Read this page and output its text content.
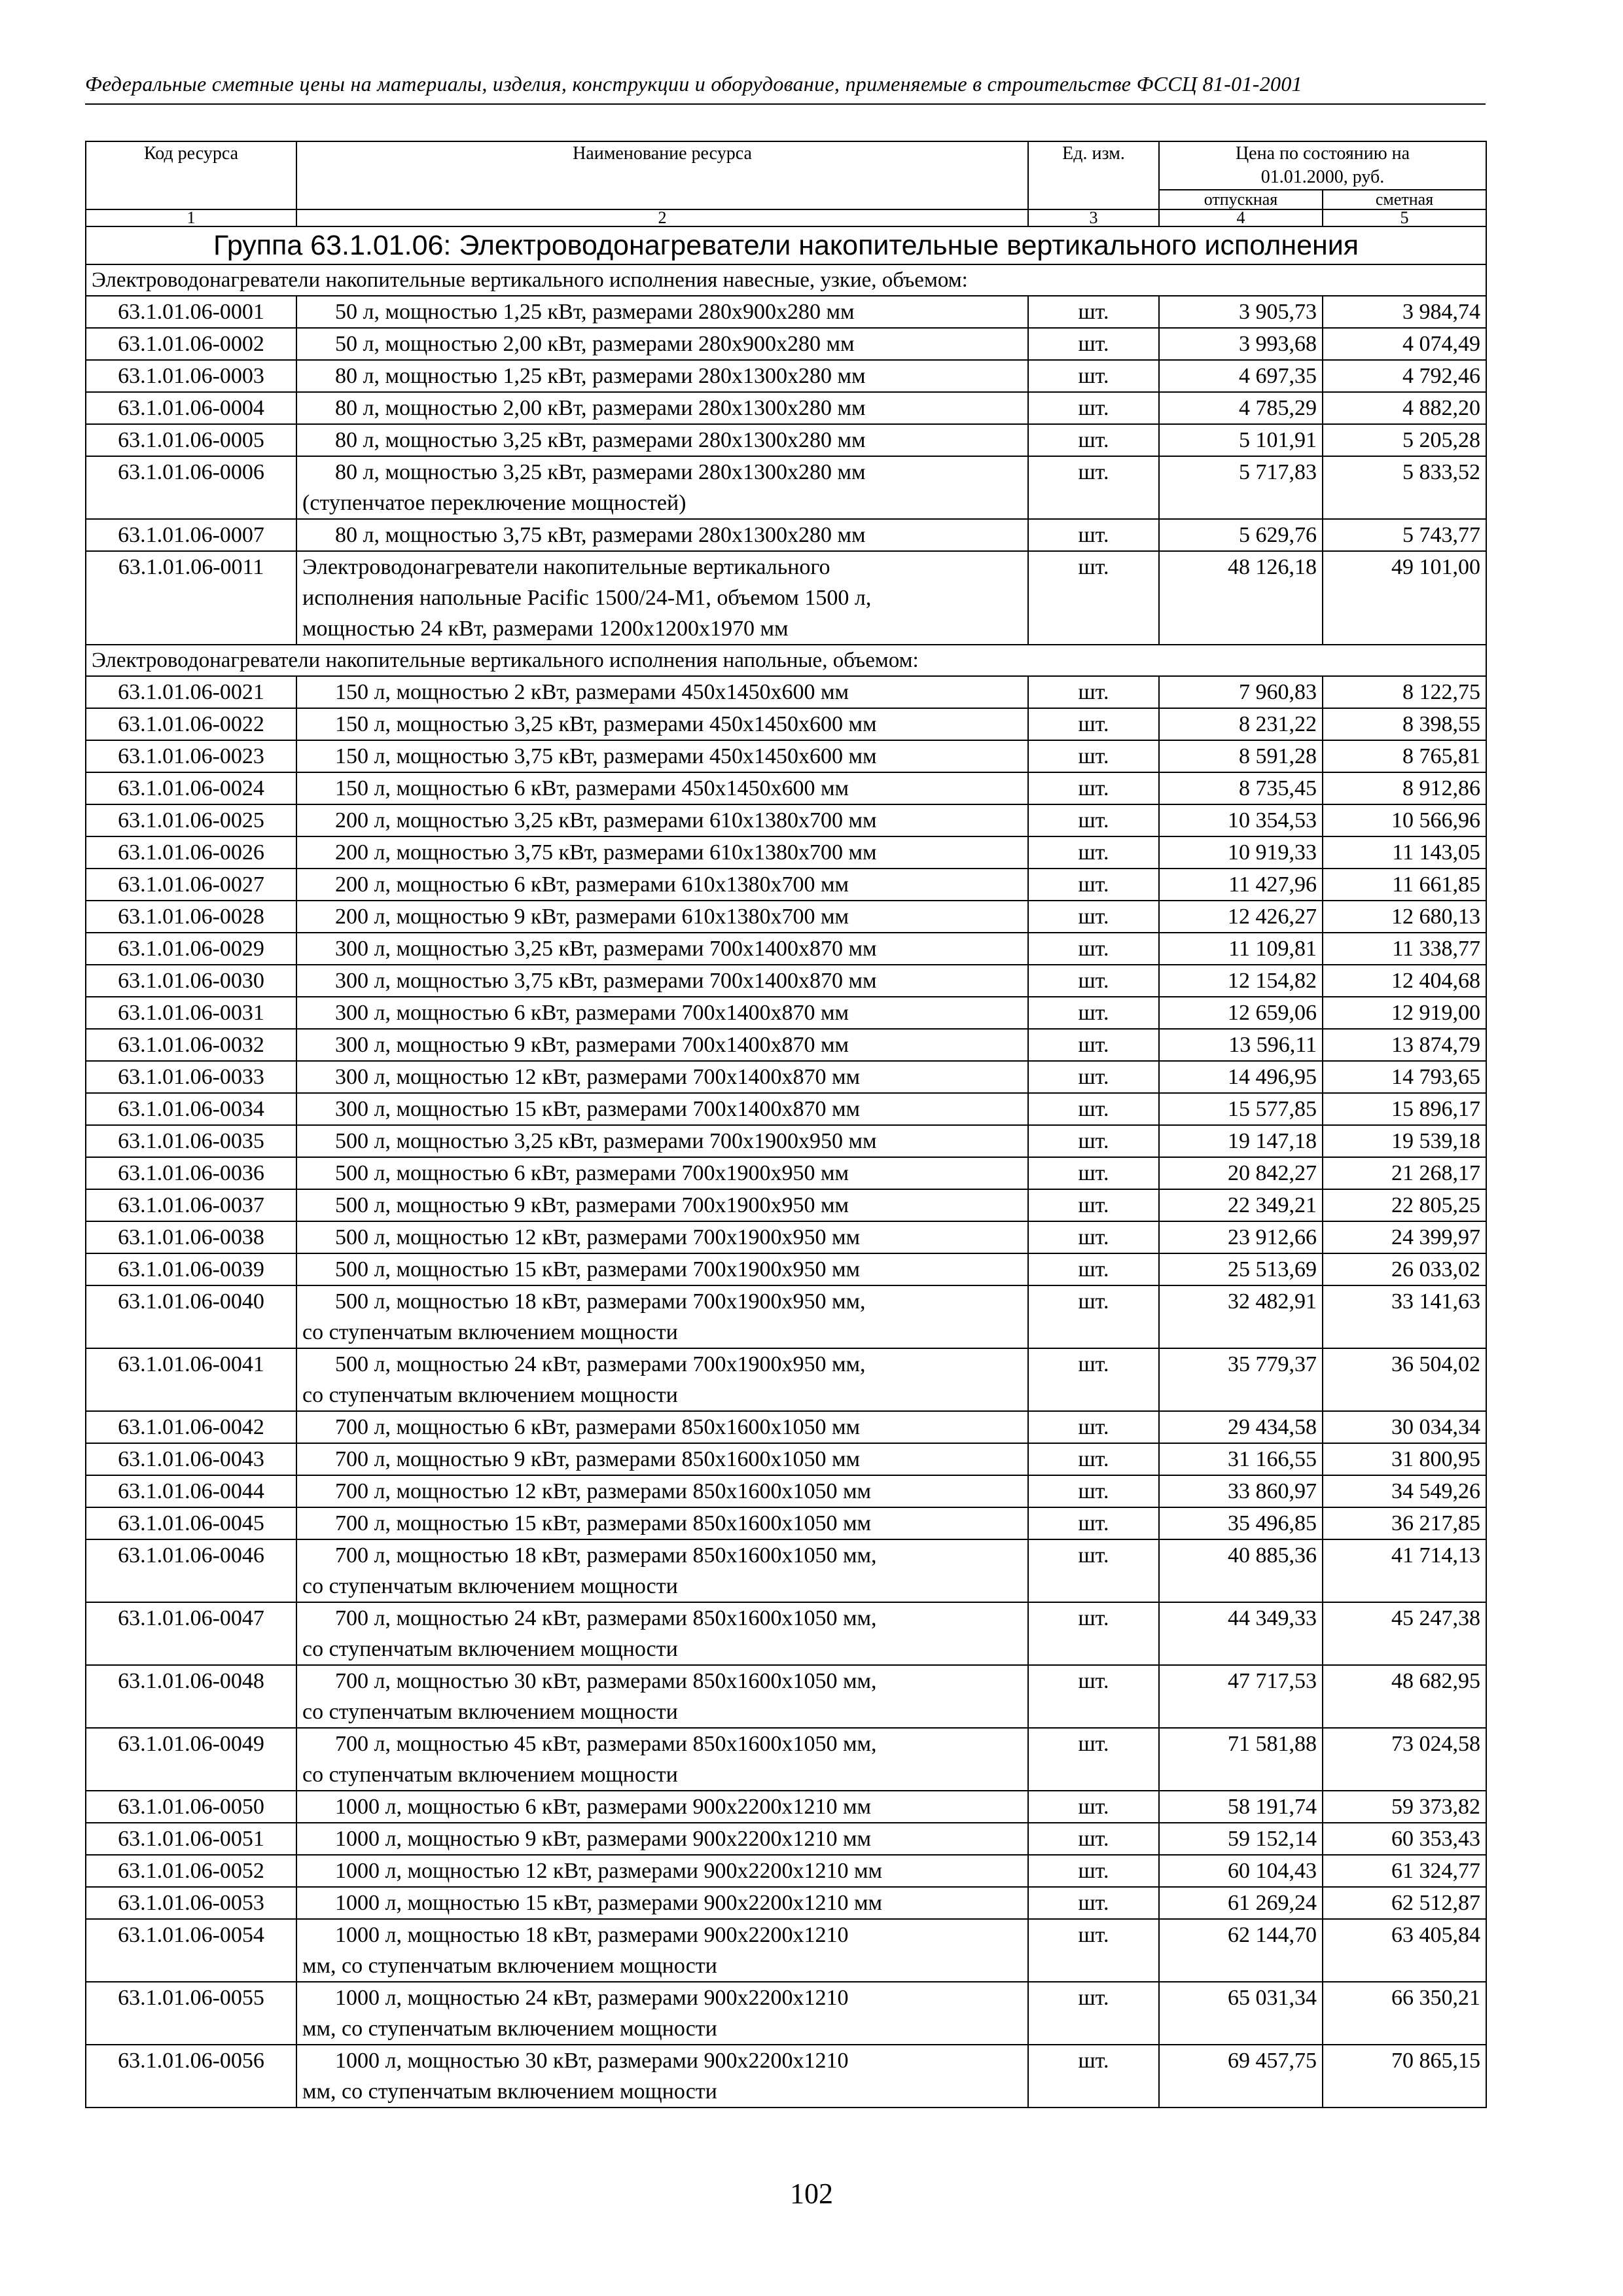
Федеральные сметные цены на материалы, изделия, конструкции и оборудование, применяемые в строительстве ФССЦ 81-01-2001
Код ресурса	Наименование ресурса	Ед. изм.	Цена по состоянию на
01.01.2000, руб.	

			отпускная	сметная
1	2	3	4	5
Группа 63.1.01.06: Электроводонагреватели накопительные вертикального исполнения				
Электроводонагреватели накопительные вертикального исполнения навесные, узкие, объемом:				
63.1.01.06-0001	50 л, мощностью 1,25 кВт, размерами 280х900х280 мм	шт.	3 905,73	3 984,74
63.1.01.06-0002	50 л, мощностью 2,00 кВт, размерами 280х900х280 мм	шт.	3 993,68	4 074,49
63.1.01.06-0003	80 л, мощностью 1,25 кВт, размерами 280х1300х280 мм	шт.	4 697,35	4 792,46
63.1.01.06-0004	80 л, мощностью 2,00 кВт, размерами 280х1300х280 мм	шт.	4 785,29	4 882,20
63.1.01.06-0005	80 л, мощностью 3,25 кВт, размерами 280х1300х280 мм	шт.	5 101,91	5 205,28
63.1.01.06-0006	80 л, мощностью 3,25 кВт, размерами 280х1300х280 мм
(ступенчатое переключение мощностей)	шт.	5 717,83	5 833,52
63.1.01.06-0007	80 л, мощностью 3,75 кВт, размерами 280х1300х280 мм	шт.	5 629,76	5 743,77
63.1.01.06-0011	Электроводонагреватели накопительные вертикального
исполнения напольные Pacific 1500/24-M1, объемом 1500 л,
мощностью 24 кВт, размерами 1200х1200х1970 мм	шт.	48 126,18	49 101,00
Электроводонагреватели накопительные вертикального исполнения напольные, объемом:				
63.1.01.06-0021	150 л, мощностью 2 кВт, размерами 450х1450х600 мм	шт.	7 960,83	8 122,75
63.1.01.06-0022	150 л, мощностью 3,25 кВт, размерами 450х1450х600 мм	шт.	8 231,22	8 398,55
63.1.01.06-0023	150 л, мощностью 3,75 кВт, размерами 450х1450х600 мм	шт.	8 591,28	8 765,81
63.1.01.06-0024	150 л, мощностью 6 кВт, размерами 450х1450х600 мм	шт.	8 735,45	8 912,86
63.1.01.06-0025	200 л, мощностью 3,25 кВт, размерами 610х1380х700 мм	шт.	10 354,53	10 566,96
63.1.01.06-0026	200 л, мощностью 3,75 кВт, размерами 610х1380х700 мм	шт.	10 919,33	11 143,05
63.1.01.06-0027	200 л, мощностью 6 кВт, размерами 610х1380х700 мм	шт.	11 427,96	11 661,85
63.1.01.06-0028	200 л, мощностью 9 кВт, размерами 610х1380х700 мм	шт.	12 426,27	12 680,13
63.1.01.06-0029	300 л, мощностью 3,25 кВт, размерами 700х1400х870 мм	шт.	11 109,81	11 338,77
63.1.01.06-0030	300 л, мощностью 3,75 кВт, размерами 700х1400х870 мм	шт.	12 154,82	12 404,68
63.1.01.06-0031	300 л, мощностью 6 кВт, размерами 700х1400х870 мм	шт.	12 659,06	12 919,00
63.1.01.06-0032	300 л, мощностью 9 кВт, размерами 700х1400х870 мм	шт.	13 596,11	13 874,79
63.1.01.06-0033	300 л, мощностью 12 кВт, размерами 700х1400х870 мм	шт.	14 496,95	14 793,65
63.1.01.06-0034	300 л, мощностью 15 кВт, размерами 700х1400х870 мм	шт.	15 577,85	15 896,17
63.1.01.06-0035	500 л, мощностью 3,25 кВт, размерами 700х1900х950 мм	шт.	19 147,18	19 539,18
63.1.01.06-0036	500 л, мощностью 6 кВт, размерами 700х1900х950 мм	шт.	20 842,27	21 268,17
63.1.01.06-0037	500 л, мощностью 9 кВт, размерами 700х1900х950 мм	шт.	22 349,21	22 805,25
63.1.01.06-0038	500 л, мощностью 12 кВт, размерами 700х1900х950 мм	шт.	23 912,66	24 399,97
63.1.01.06-0039	500 л, мощностью 15 кВт, размерами 700х1900х950 мм	шт.	25 513,69	26 033,02
63.1.01.06-0040	500 л, мощностью 18 кВт, размерами 700х1900х950 мм,
со ступенчатым включением мощности	шт.	32 482,91	33 141,63
63.1.01.06-0041	500 л, мощностью 24 кВт, размерами 700х1900х950 мм,
со ступенчатым включением мощности	шт.	35 779,37	36 504,02
63.1.01.06-0042	700 л, мощностью 6 кВт, размерами 850х1600х1050 мм	шт.	29 434,58	30 034,34
63.1.01.06-0043	700 л, мощностью 9 кВт, размерами 850х1600х1050 мм	шт.	31 166,55	31 800,95
63.1.01.06-0044	700 л, мощностью 12 кВт, размерами 850х1600х1050 мм	шт.	33 860,97	34 549,26
63.1.01.06-0045	700 л, мощностью 15 кВт, размерами 850х1600х1050 мм	шт.	35 496,85	36 217,85
63.1.01.06-0046	700 л, мощностью 18 кВт, размерами 850х1600х1050 мм,
со ступенчатым включением мощности	шт.	40 885,36	41 714,13
63.1.01.06-0047	700 л, мощностью 24 кВт, размерами 850х1600х1050 мм,
со ступенчатым включением мощности	шт.	44 349,33	45 247,38
63.1.01.06-0048	700 л, мощностью 30 кВт, размерами 850х1600х1050 мм,
со ступенчатым включением мощности	шт.	47 717,53	48 682,95
63.1.01.06-0049	700 л, мощностью 45 кВт, размерами 850х1600х1050 мм,
со ступенчатым включением мощности	шт.	71 581,88	73 024,58
63.1.01.06-0050	1000 л, мощностью 6 кВт, размерами 900х2200х1210 мм	шт.	58 191,74	59 373,82
63.1.01.06-0051	1000 л, мощностью 9 кВт, размерами 900х2200х1210 мм	шт.	59 152,14	60 353,43
63.1.01.06-0052	1000 л, мощностью 12 кВт, размерами 900х2200х1210 мм	шт.	60 104,43	61 324,77
63.1.01.06-0053	1000 л, мощностью 15 кВт, размерами 900х2200х1210 мм	шт.	61 269,24	62 512,87
63.1.01.06-0054	1000 л, мощностью 18 кВт, размерами 900х2200х1210
мм, со ступенчатым включением мощности	шт.	62 144,70	63 405,84
63.1.01.06-0055	1000 л, мощностью 24 кВт, размерами 900х2200х1210
мм, со ступенчатым включением мощности	шт.	65 031,34	66 350,21
63.1.01.06-0056	1000 л, мощностью 30 кВт, размерами 900х2200х1210
мм, со ступенчатым включением мощности	шт.	69 457,75	70 865,15
102
